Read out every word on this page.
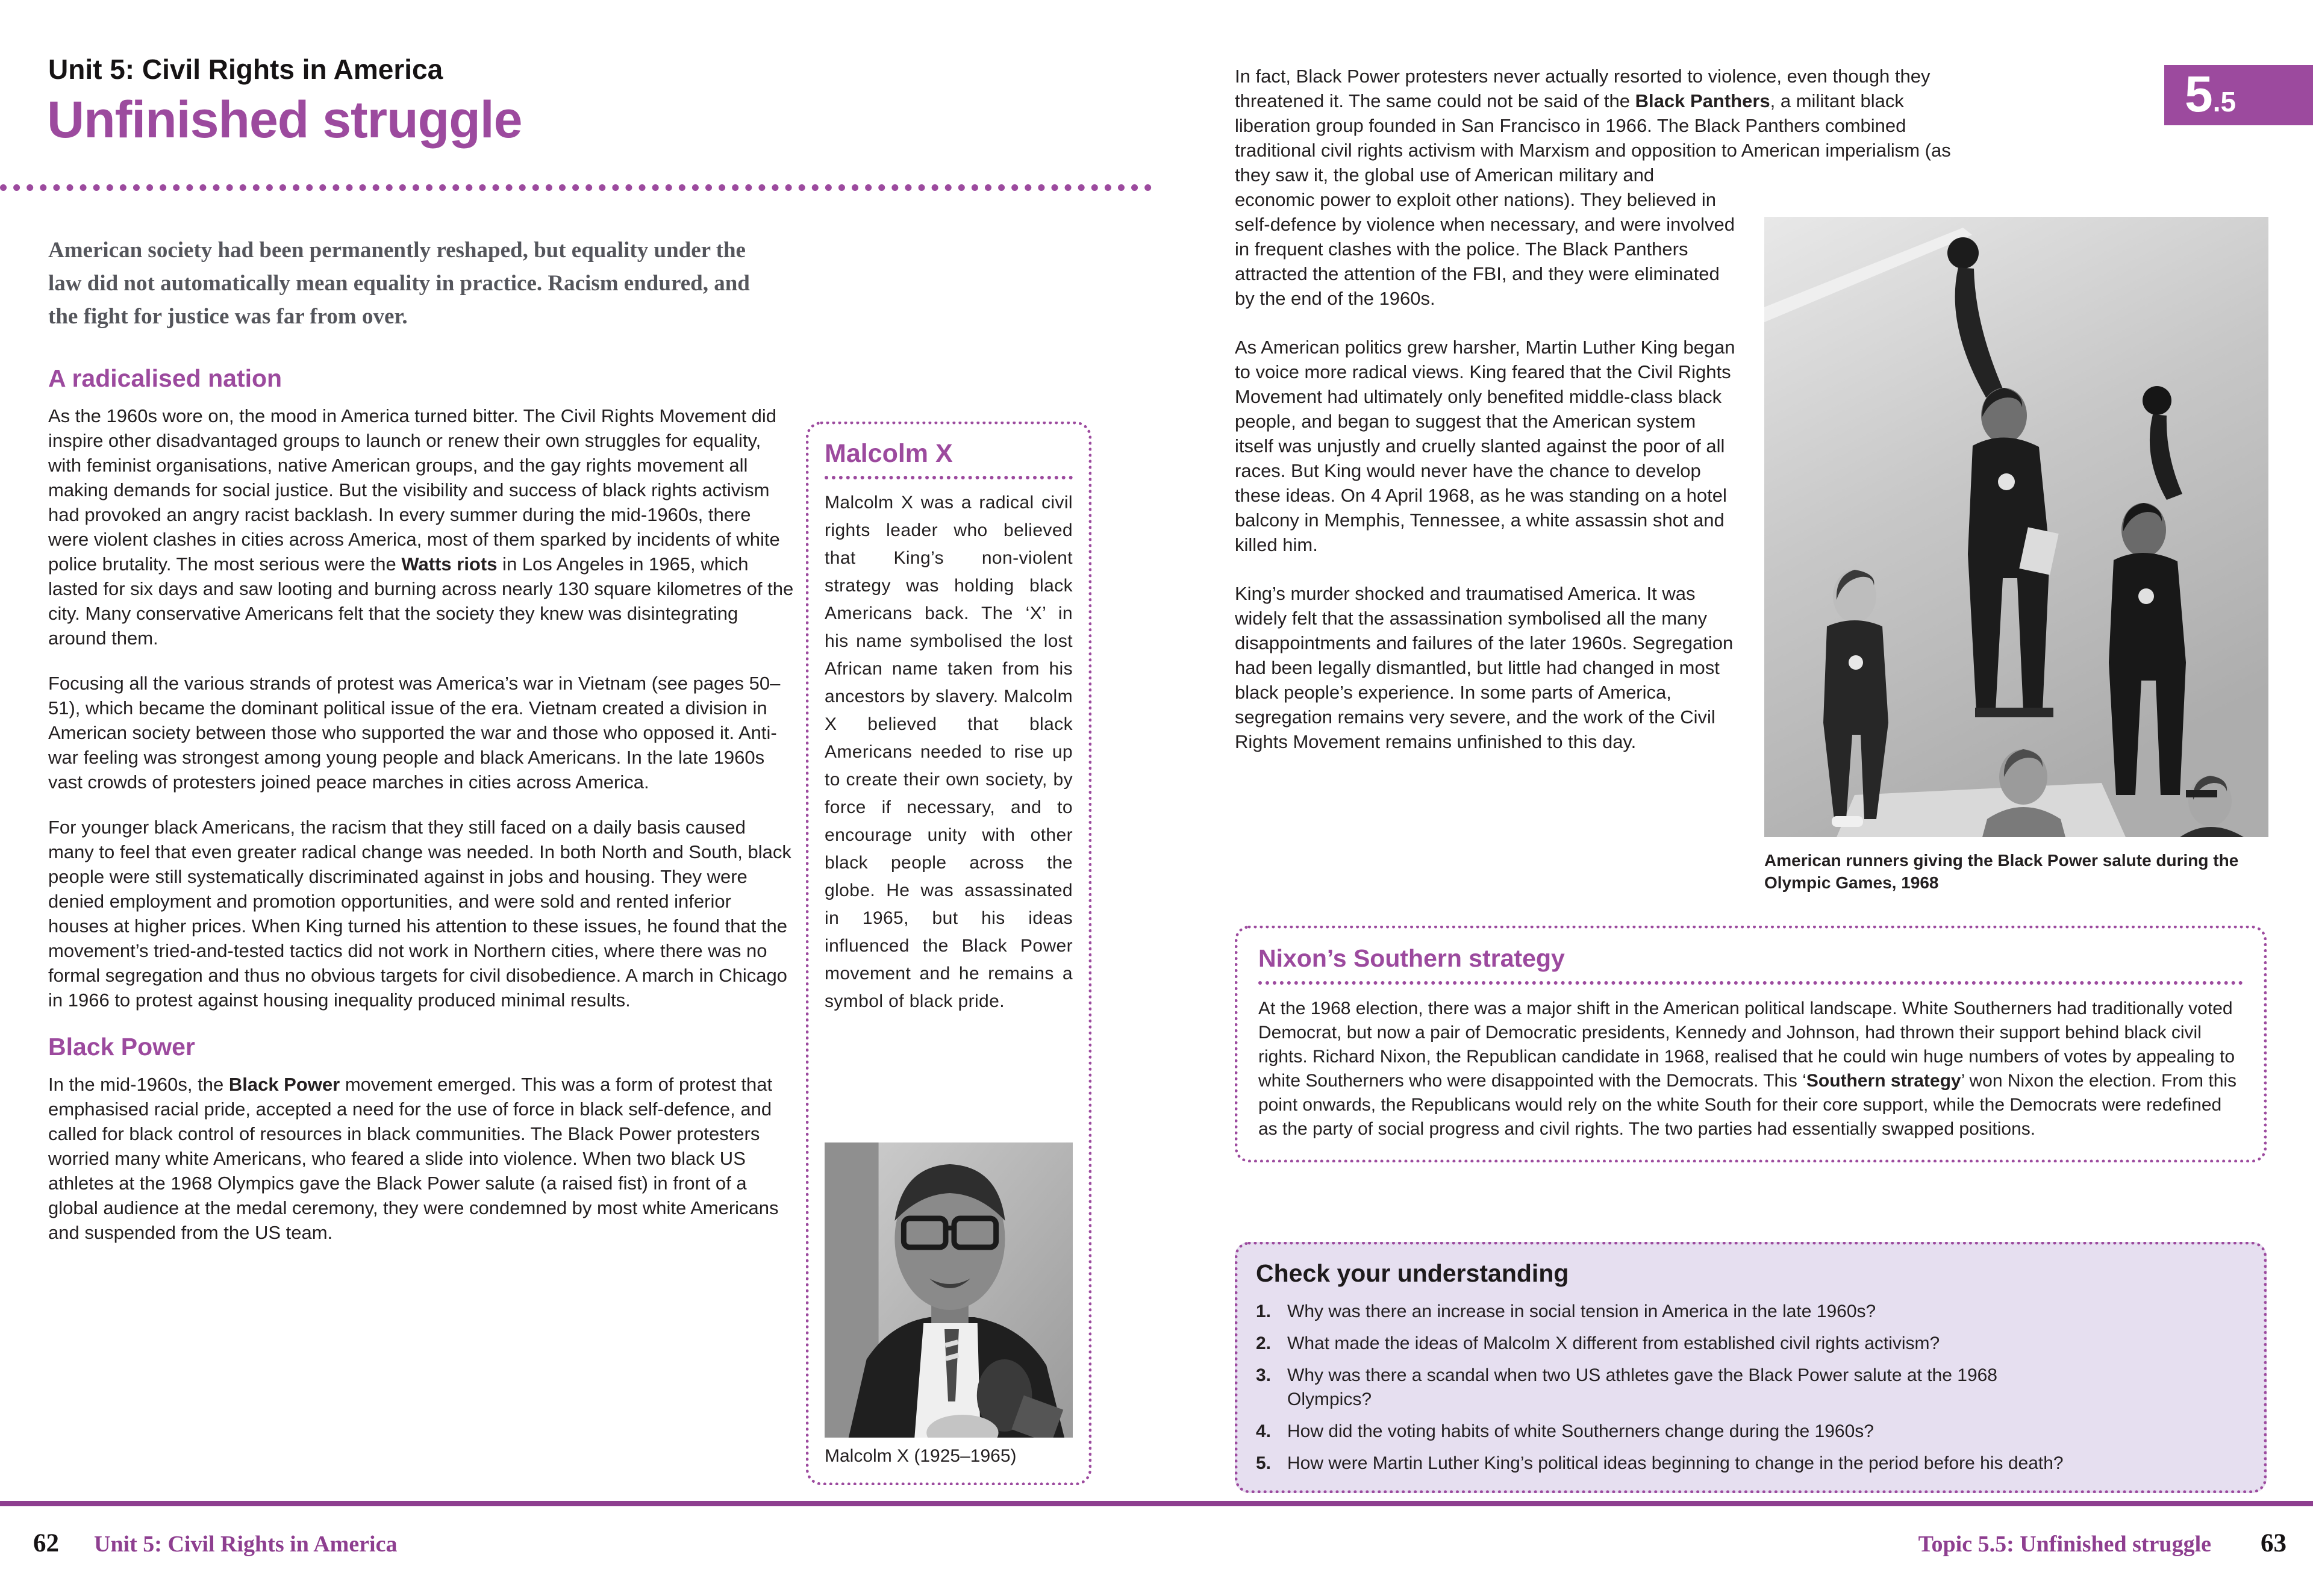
5 .5
Unit 5: Civil Rights in America
Unfinished struggle

American society had been permanently reshaped, but equality under the law did not automatically mean equality in practice. Racism endured, and the fight for justice was far from over.

A radicalised nation

As the 1960s wore on, the mood in America turned bitter. The Civil Rights Movement did inspire other disadvantaged groups to launch or renew their own struggles for equality, with feminist organisations, native American groups, and the gay rights movement all making demands for social justice. But the visibility and success of black rights activism had provoked an angry racist backlash. In every summer during the mid-1960s, there were violent clashes in cities across America, most of them sparked by incidents of white police brutality. The most serious were the Watts riots in Los Angeles in 1965, which lasted for six days and saw looting and burning across nearly 130 square kilometres of the city. Many conservative Americans felt that the society they knew was disintegrating around them.

Focusing all the various strands of protest was America’s war in Vietnam (see pages 50–51), which became the dominant political issue of the era. Vietnam created a division in American society between those who supported the war and those who opposed it. Anti-war feeling was strongest among young people and black Americans. In the late 1960s vast crowds of protesters joined peace marches in cities across America.

For younger black Americans, the racism that they still faced on a daily basis caused many to feel that even greater radical change was needed. In both North and South, black people were still systematically discriminated against in jobs and housing. They were denied employment and promotion opportunities, and were sold and rented inferior houses at higher prices. When King turned his attention to these issues, he found that the movement’s tried-and-tested tactics did not work in Northern cities, where there was no formal segregation and thus no obvious targets for civil disobedience. A march in Chicago in 1966 to protest against housing inequality produced minimal results.

Black Power

In the mid-1960s, the Black Power movement emerged. This was a form of protest that emphasised racial pride, accepted a need for the use of force in black self-defence, and called for black control of resources in black communities. The Black Power protesters worried many white Americans, who feared a slide into violence. When two black US athletes at the 1968 Olympics gave the Black Power salute (a raised fist) in front of a global audience at the medal ceremony, they were condemned by most white Americans and suspended from the US team.

Malcolm X
Malcolm X was a radical civil rights leader who believed that King’s non-violent strategy was holding black Americans back. The ‘X’ in his name symbolised the lost African name taken from his ancestors by slavery. Malcolm X believed that black Americans needed to rise up to create their own society, by force if necessary, and to encourage unity with other black people across the globe. He was assassinated in 1965, but his ideas influenced the Black Power movement and he remains a symbol of black pride.
Malcolm X (1925–1965)

In fact, Black Power protesters never actually resorted to violence, even though they threatened it. The same could not be said of the Black Panthers, a militant black liberation group founded in San Francisco in 1966. The Black Panthers combined traditional civil rights activism with Marxism and opposition to American imperialism (as they saw it, the
global use of American military and economic power to exploit other nations). They believed in self-defence by violence when necessary, and were involved in frequent clashes with the police. The Black Panthers attracted the attention of the FBI, and they were eliminated by the end of the 1960s.

As American politics grew harsher, Martin Luther King began to voice more radical views. King feared that the Civil Rights Movement had ultimately only benefited middle-class black people, and began to suggest that the American system itself was unjustly and cruelly slanted against the poor of all races. But King would never have the chance to develop these ideas. On 4 April 1968, as he was standing on a hotel balcony in Memphis, Tennessee, a white assassin shot and killed him.

King’s murder shocked and traumatised America. It was widely felt that the assassination symbolised all the many disappointments and failures of the later 1960s. Segregation had been legally dismantled, but little had changed in most black people’s experience. In some parts of America, segregation remains very severe, and the work of the Civil Rights Movement remains unfinished to this day.

American runners giving the Black Power salute during the Olympic Games, 1968
Nixon’s Southern strategy
At the 1968 election, there was a major shift in the American political landscape. White Southerners had traditionally voted Democrat, but now a pair of Democratic presidents, Kennedy and Johnson, had thrown their support behind black civil rights. Richard Nixon, the Republican candidate in 1968, realised that he could win huge numbers of votes by appealing to white Southerners who were disappointed with the Democrats. This ‘Southern strategy’ won Nixon the election. From this point onwards, the Republicans would rely on the white South for their core support, while the Democrats were redefined as the party of social progress and civil rights. The two parties had essentially swapped positions.
Check your understanding
1. Why was there an increase in social tension in America in the late 1960s?
2. What made the ideas of Malcolm X different from established civil rights activism?
3. Why was there a scandal when two US athletes gave the Black Power salute at the 1968 Olympics?
4. How did the voting habits of white Southerners change during the 1960s?
5. How were Martin Luther King’s political ideas beginning to change in the period before his death?
62 Unit 5: Civil Rights in America	Topic 5.5: Unfinished struggle 63
